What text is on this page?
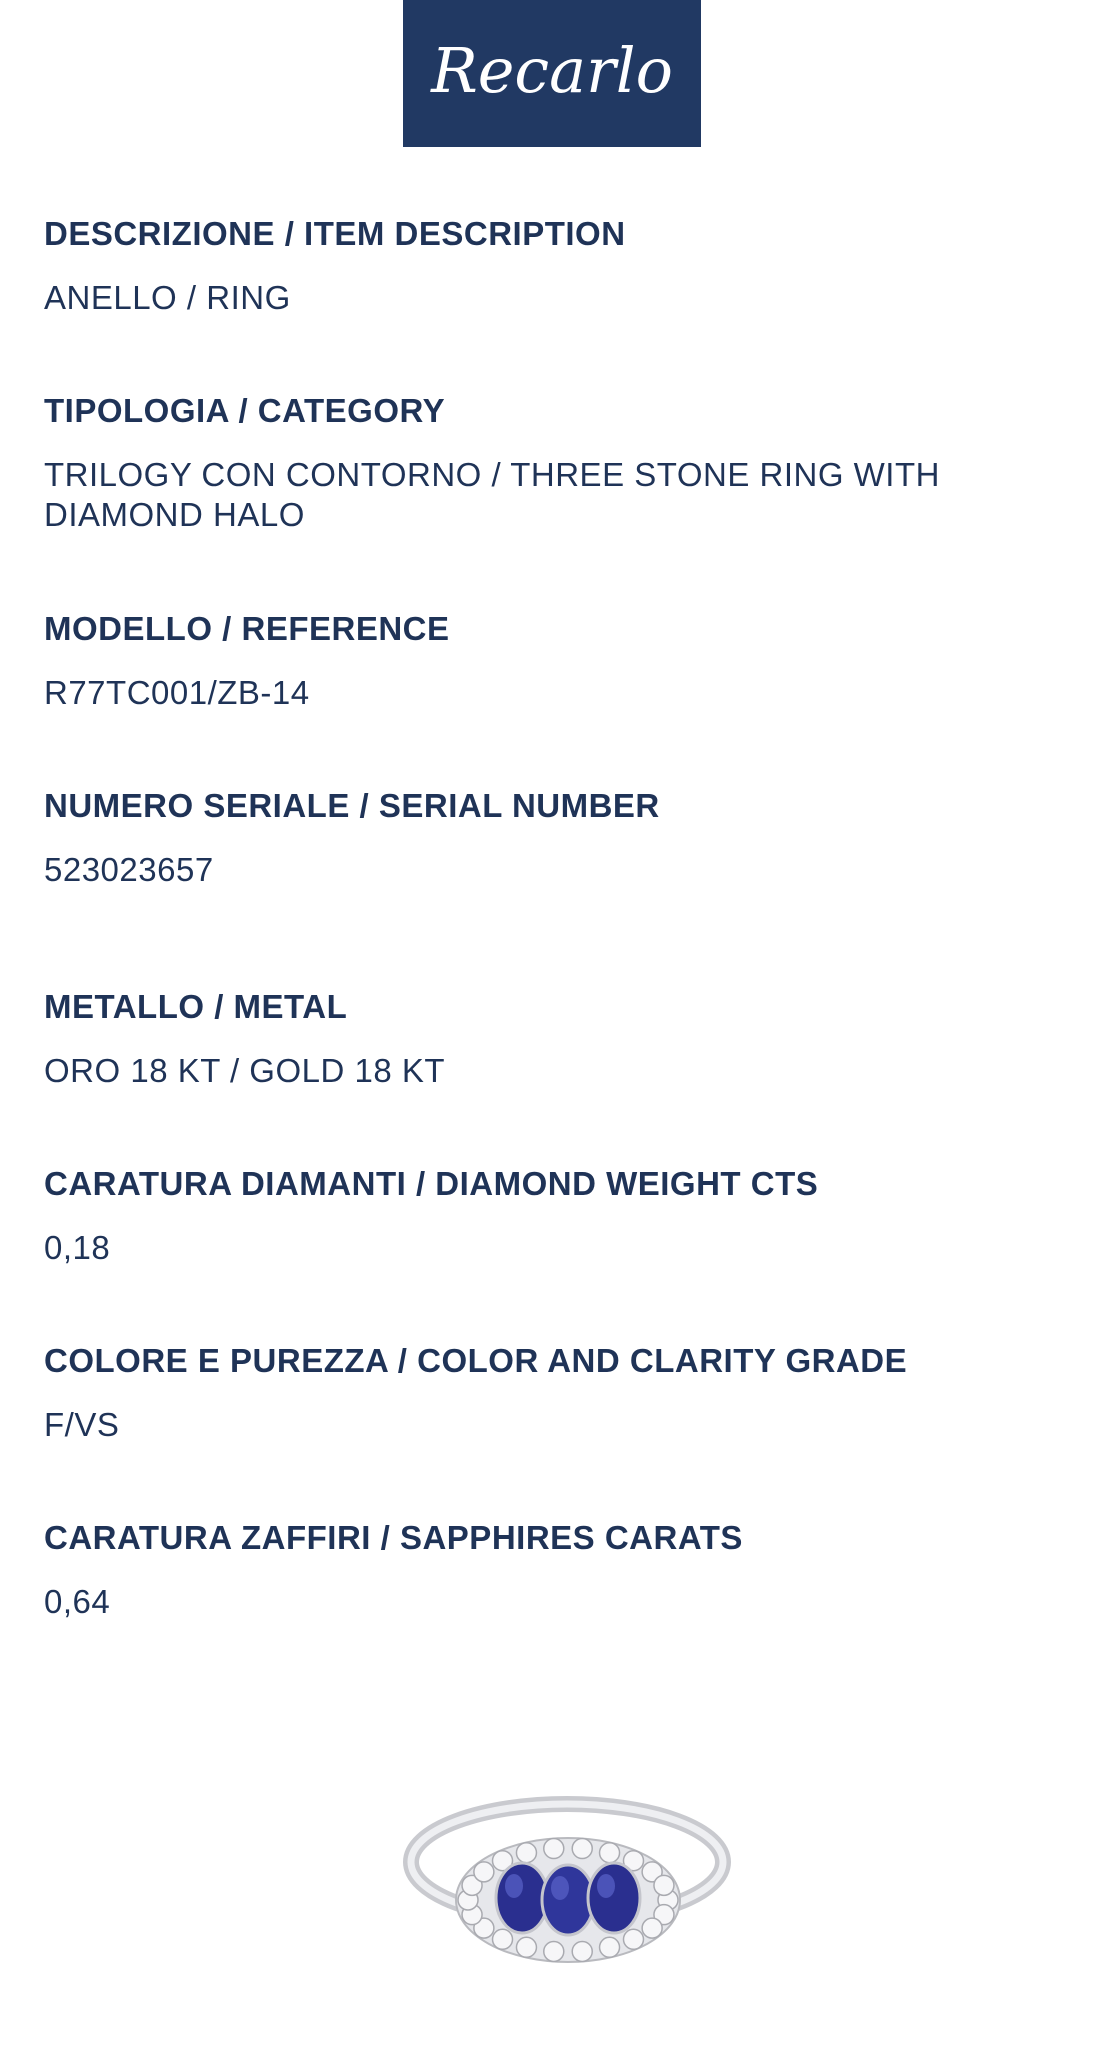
Recarlo

DESCRIZIONE / ITEM DESCRIPTION

ANELLO / RING

TIPOLOGIA / CATEGORY

TRILOGY CON CONTORNO / THREE STONE RING WITH DIAMOND HALO

MODELLO / REFERENCE

R77TC001/ZB-14

NUMERO SERIALE / SERIAL NUMBER

523023657

METALLO / METAL

ORO 18 KT / GOLD 18 KT

CARATURA DIAMANTI / DIAMOND WEIGHT CTS

0,18

COLORE E PUREZZA / COLOR AND CLARITY GRADE

F/VS

CARATURA ZAFFIRI / SAPPHIRES CARATS

0,64
